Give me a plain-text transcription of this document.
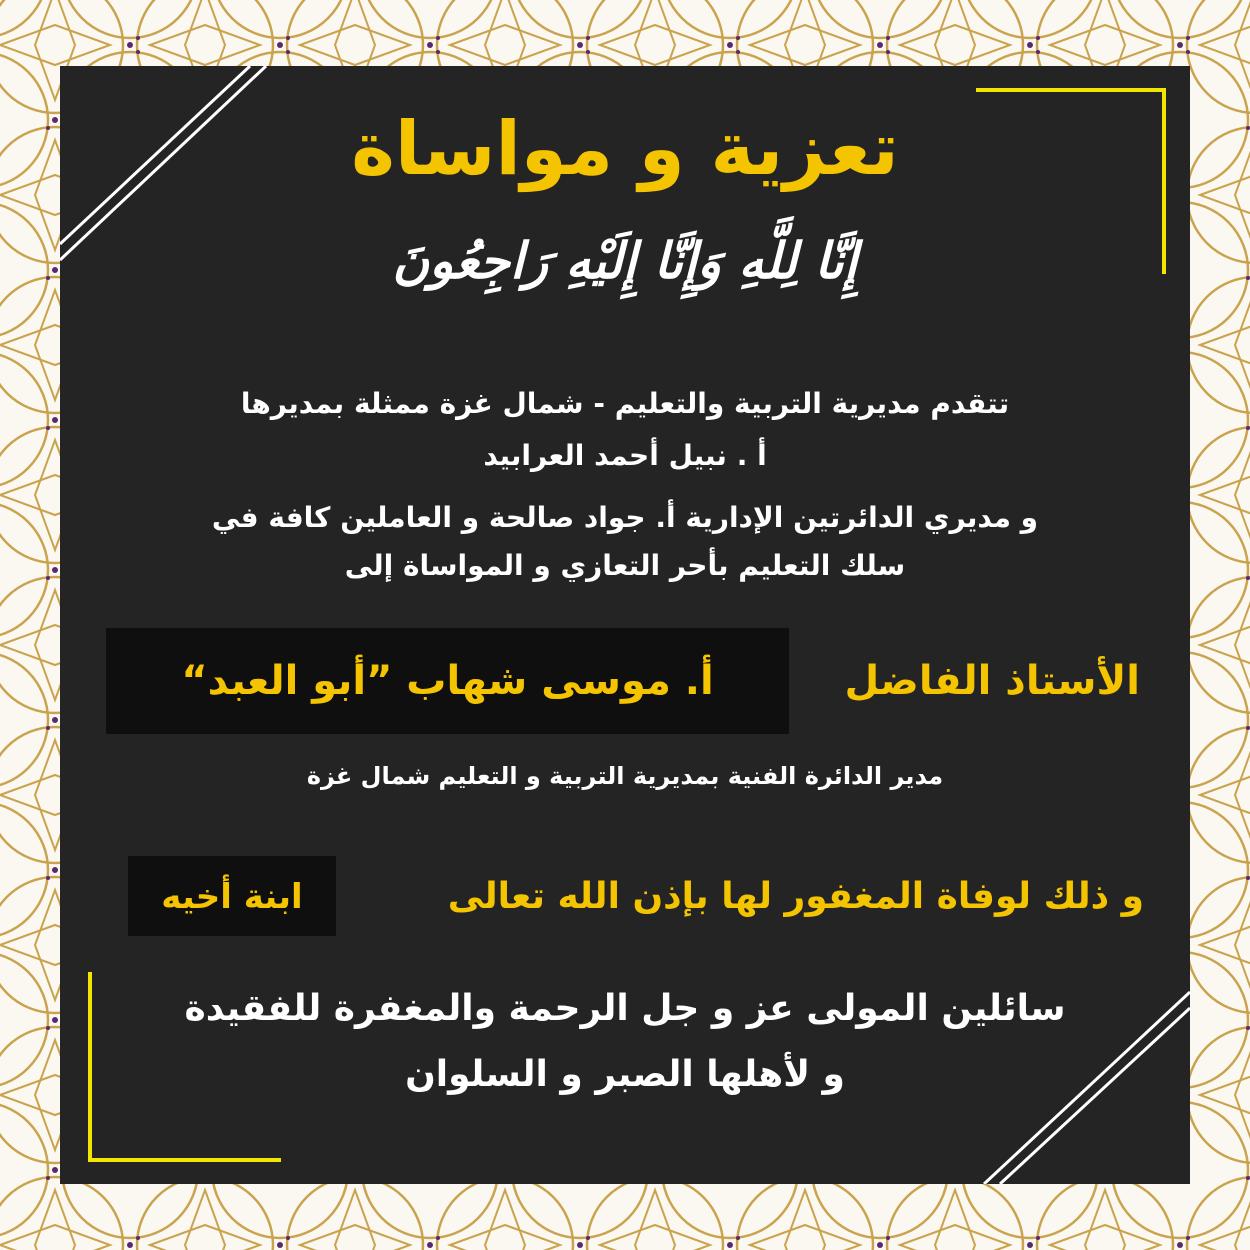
تعزية و مواساة
إِنَّا لِلَّهِ وَإِنَّا إِلَيْهِ رَاجِعُونَ
تتقدم مديرية التربية والتعليم - شمال غزة ممثلة بمديرها
أ . نبيل أحمد العرابيد
و مديري الدائرتين الإدارية أ. جواد صالحة و العاملين كافة في
سلك التعليم بأحر التعازي و المواساة إلى
الأستاذ الفاضل
أ. موسى شهاب ”أبو العبد“
مدير الدائرة الفنية بمديرية التربية و التعليم شمال غزة
و ذلك لوفاة المغفور لها بإذن الله تعالى
ابنة أخيه
سائلين المولى عز و جل الرحمة والمغفرة للفقيدة
و لأهلها الصبر و السلوان
